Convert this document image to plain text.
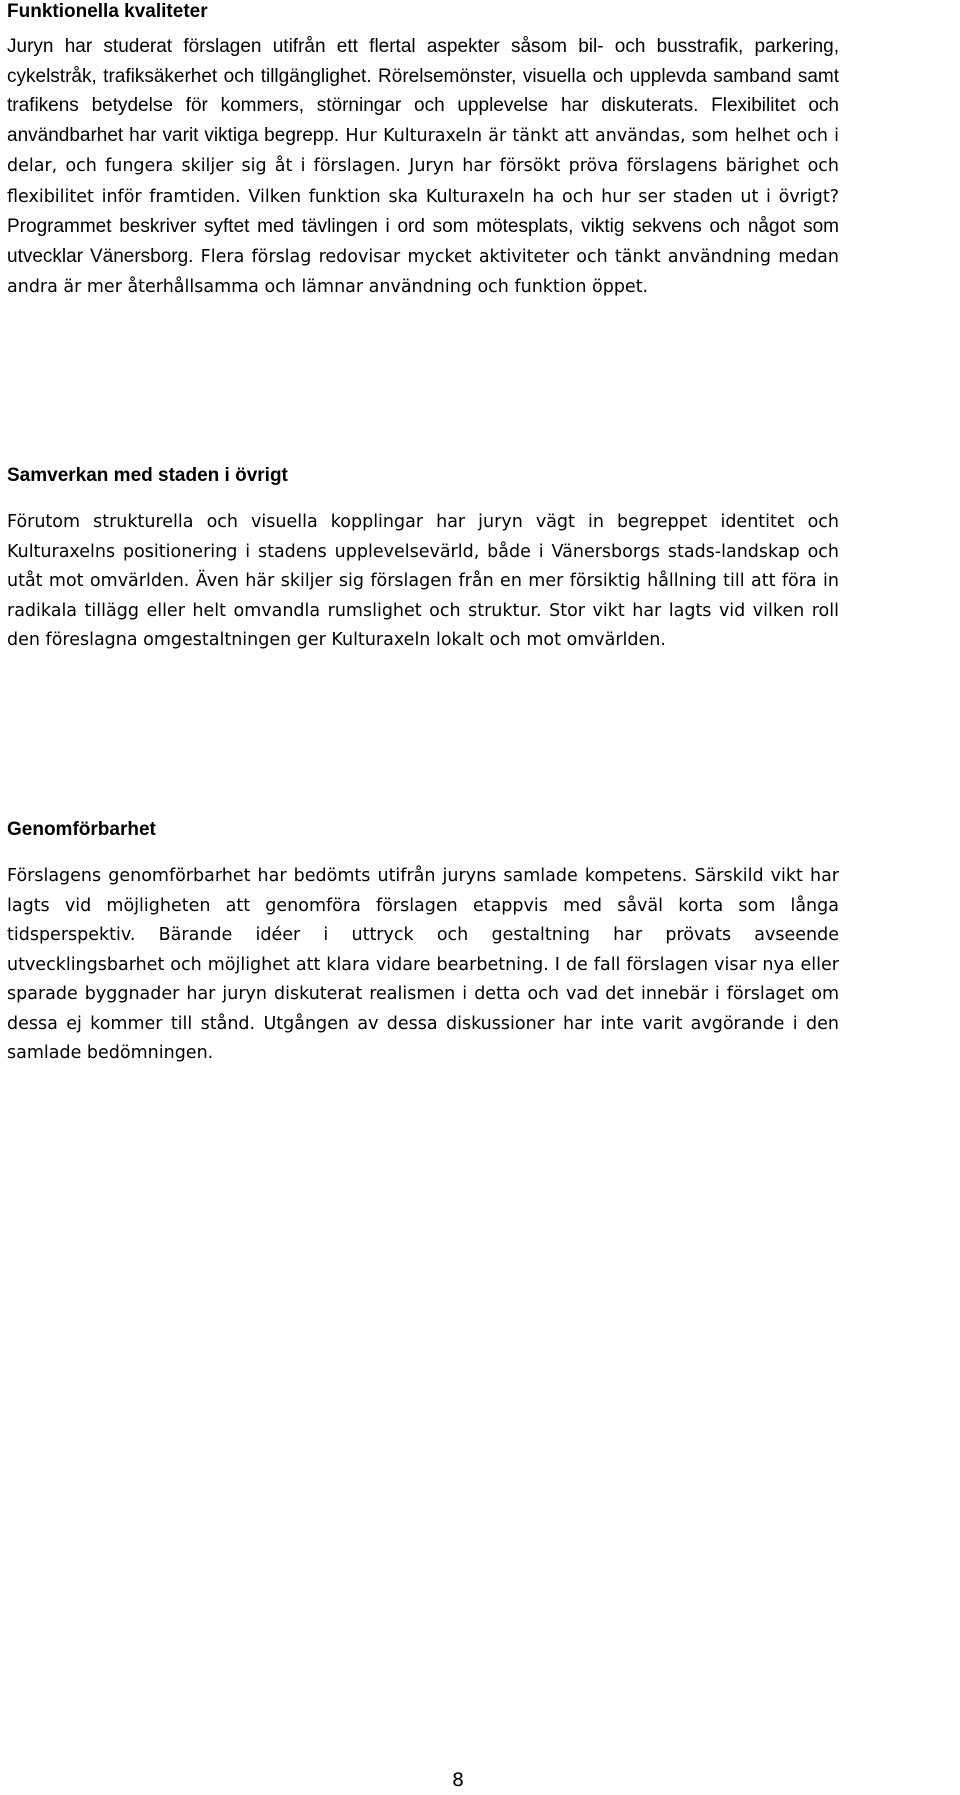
Funktionella kvaliteter

Juryn har studerat förslagen utifrån ett flertal aspekter såsom bil- och busstrafik, parkering, cykelstråk, trafiksäkerhet och tillgänglighet. Rörelsemönster, visuella och upplevda samband samt trafikens betydelse för kommers, störningar och upplevelse har diskuterats. Flexibilitet och användbarhet har varit viktiga begrepp. Hur Kulturaxeln är tänkt att användas, som helhet och i delar, och fungera skiljer sig åt i förslagen. Juryn har försökt pröva förslagens bärighet och flexibilitet inför framtiden. Vilken funktion ska Kulturaxeln ha och hur ser staden ut i övrigt? Programmet beskriver syftet med tävlingen i ord som mötesplats, viktig sekvens och något som utvecklar Vänersborg. Flera förslag redovisar mycket aktiviteter och tänkt användning medan andra är mer återhållsamma och lämnar användning och funktion öppet.

Samverkan med staden i övrigt

Förutom strukturella och visuella kopplingar har juryn vägt in begreppet identitet och Kulturaxelns positionering i stadens upplevelsevärld, både i Vänersborgs stads-landskap och utåt mot omvärlden. Även här skiljer sig förslagen från en mer försiktig hållning till att föra in radikala tillägg eller helt omvandla rumslighet och struktur. Stor vikt har lagts vid vilken roll den föreslagna omgestaltningen ger Kulturaxeln lokalt och mot omvärlden.

Genomförbarhet

Förslagens genomförbarhet har bedömts utifrån juryns samlade kompetens. Särskild vikt har lagts vid möjligheten att genomföra förslagen etappvis med såväl korta som långa tidsperspektiv. Bärande idéer i uttryck och gestaltning har prövats avseende utvecklingsbarhet och möjlighet att klara vidare bearbetning. I de fall förslagen visar nya eller sparade byggnader har juryn diskuterat realismen i detta och vad det innebär i förslaget om dessa ej kommer till stånd. Utgången av dessa diskussioner har inte varit avgörande i den samlade bedömningen.

8
